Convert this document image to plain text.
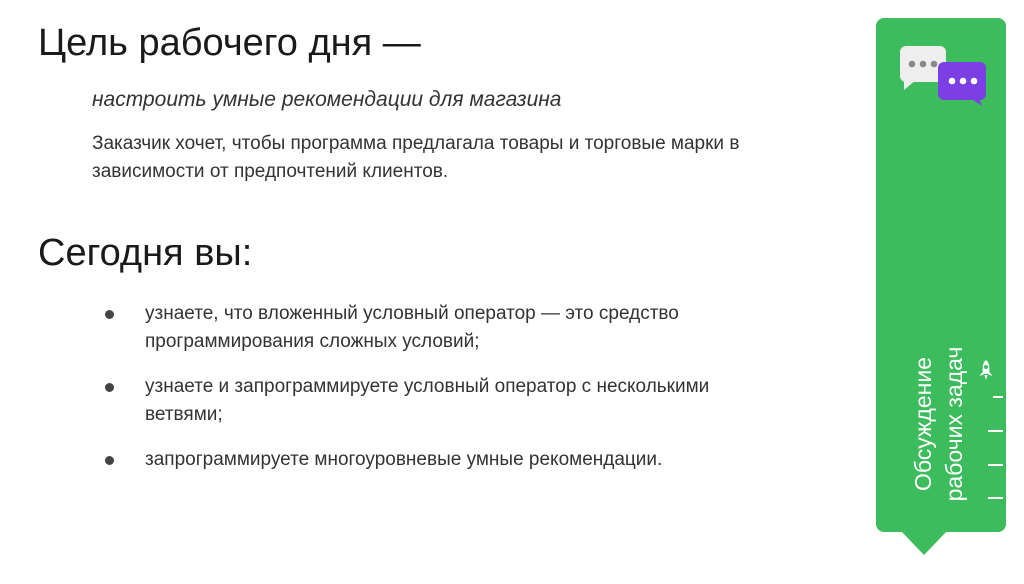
Цель рабочего дня —
настроить умные рекомендации для магазина
Заказчик хочет, чтобы программа предлагала товары и торговые марки в зависимости от предпочтений клиентов.
Сегодня вы:
узнаете, что вложенный условный оператор — это средство программирования сложных условий;
узнаете и запрограммируете условный оператор с несколькими ветвями;
запрограммируете многоуровневые умные рекомендации.	Обсуждение рабочих задач
